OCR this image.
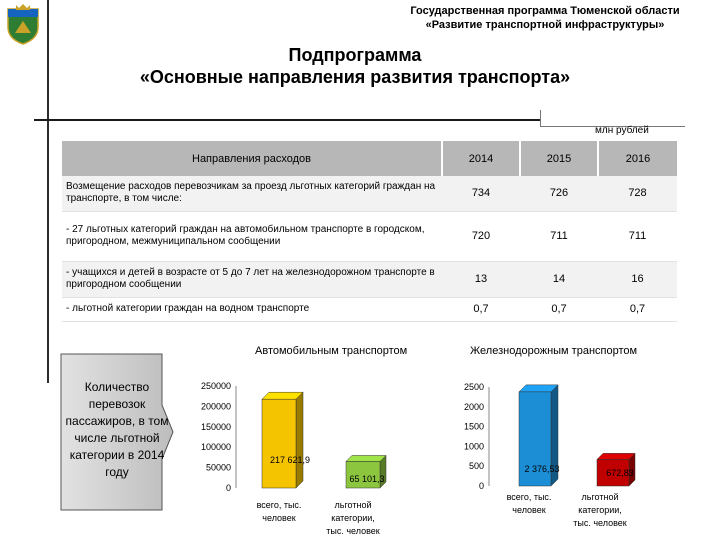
Государственная программа Тюменской области
«Развитие транспортной инфраструктуры»
Подпрограмма
«Основные направления развития транспорта»
млн рублей
Направления расходов	2014	2015	2016
Возмещение расходов перевозчикам за проезд льготных категорий граждан на транспорте, в том числе:	734	726	728
- 27 льготных категорий граждан на автомобильном транспорте в городском, пригородном, межмуниципальном сообщении	720	711	711
- учащихся и детей в возрасте от 5 до 7 лет на железнодорожном транспорте в пригородном сообщении	13	14	16
- льготной категории граждан на водном транспорте	0,7	0,7	0,7
Количество перевозок пассажиров, в том числе льготной категории в 2014 году
Автомобильным транспортом	Железнодорожным транспортом
0
50000
100000
150000
200000
250000
217 621,9
всего, тыс.
человек
65 101,3
льготной
категории,
тыс. человек
0
500
1000
1500
2000
2500
2 376,53
всего, тыс.
человек
672,83
льготной
категории,
тыс. человек
